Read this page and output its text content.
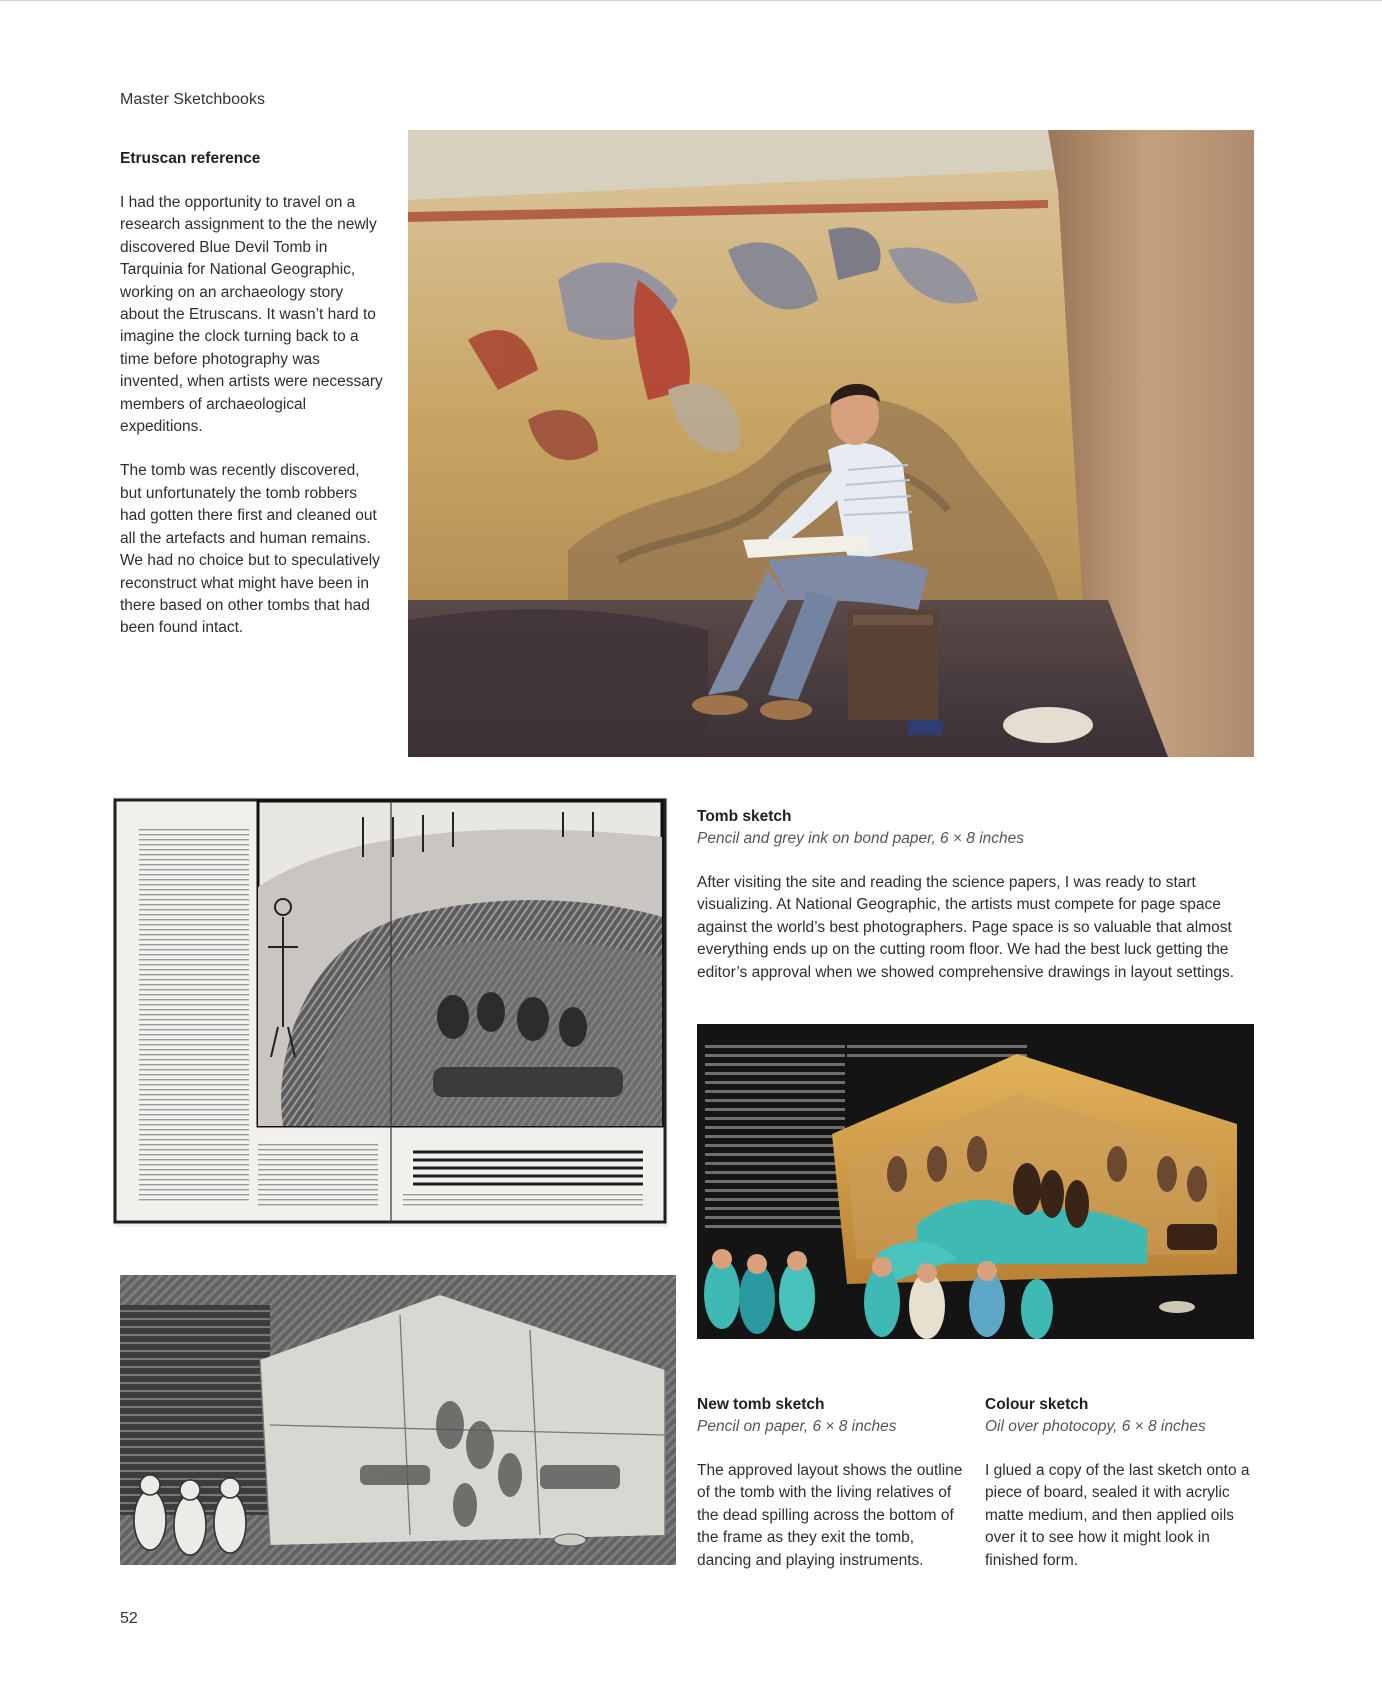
Master Sketchbooks
Etruscan reference

I had the opportunity to travel on a research assignment to the the newly discovered Blue Devil Tomb in Tarquinia for National Geographic, working on an archaeology story about the Etruscans. It wasn’t hard to imagine the clock turning back to a time before photography was invented, when artists were necessary members of archaeological expeditions.

The tomb was recently discovered, but unfortunately the tomb robbers had gotten there first and cleaned out all the artefacts and human remains. We had no choice but to speculatively reconstruct what might have been in there based on other tombs that had been found intact.

Tomb sketch
Pencil and grey ink on bond paper, 6 × 8 inches

After visiting the site and reading the science papers, I was ready to start visualizing. At National Geographic, the artists must compete for page space against the world’s best photographers. Page space is so valuable that almost everything ends up on the cutting room floor. We had the best luck getting the editor’s approval when we showed comprehensive drawings in layout settings.

New tomb sketch
Pencil on paper, 6 × 8 inches

The approved layout shows the outline of the tomb with the living relatives of the dead spilling across the bottom of the frame as they exit the tomb, dancing and playing instruments.

Colour sketch
Oil over photocopy, 6 × 8 inches

I glued a copy of the last sketch onto a piece of board, sealed it with acrylic matte medium, and then applied oils over it to see how it might look in finished form.

52
